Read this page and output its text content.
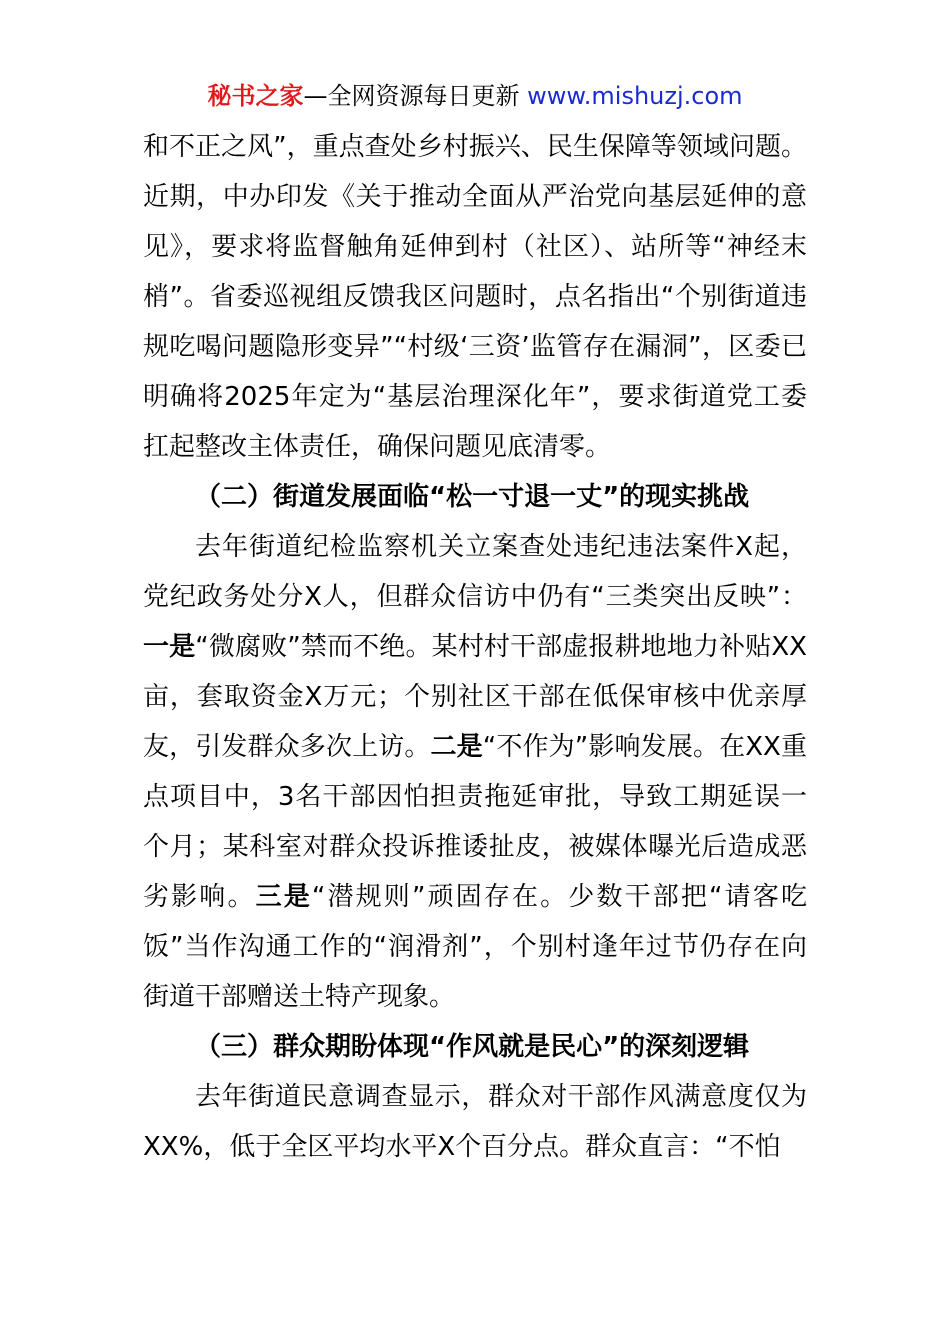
秘书之家—全网资源每日更新 www.mishuzj.com

和不正之风”，重点查处乡村振兴、民生保障等领域问题。近期，中办印发《关于推动全面从严治党向基层延伸的意见》，要求将监督触角延伸到村（社区）、站所等“神经末梢”。省委巡视组反馈我区问题时，点名指出“个别街道违规吃喝问题隐形变异”“村级‘三资’监管存在漏洞”，区委已明确将2025年定为“基层治理深化年”，要求街道党工委扛起整改主体责任，确保问题见底清零。

（二）街道发展面临“松一寸退一丈”的现实挑战

去年街道纪检监察机关立案查处违纪违法案件X起，党纪政务处分X人，但群众信访中仍有“三类突出反映”：一是“微腐败”禁而不绝。某村村干部虚报耕地地力补贴XX亩，套取资金X万元；个别社区干部在低保审核中优亲厚友，引发群众多次上访。二是“不作为”影响发展。在XX重点项目中，3名干部因怕担责拖延审批，导致工期延误一个月；某科室对群众投诉推诿扯皮，被媒体曝光后造成恶劣影响。三是“潜规则”顽固存在。少数干部把“请客吃饭”当作沟通工作的“润滑剂”，个别村逢年过节仍存在向街道干部赠送土特产现象。

（三）群众期盼体现“作风就是民心”的深刻逻辑

去年街道民意调查显示，群众对干部作风满意度仅为XX%，低于全区平均水平X个百分点。群众直言：“不怕
